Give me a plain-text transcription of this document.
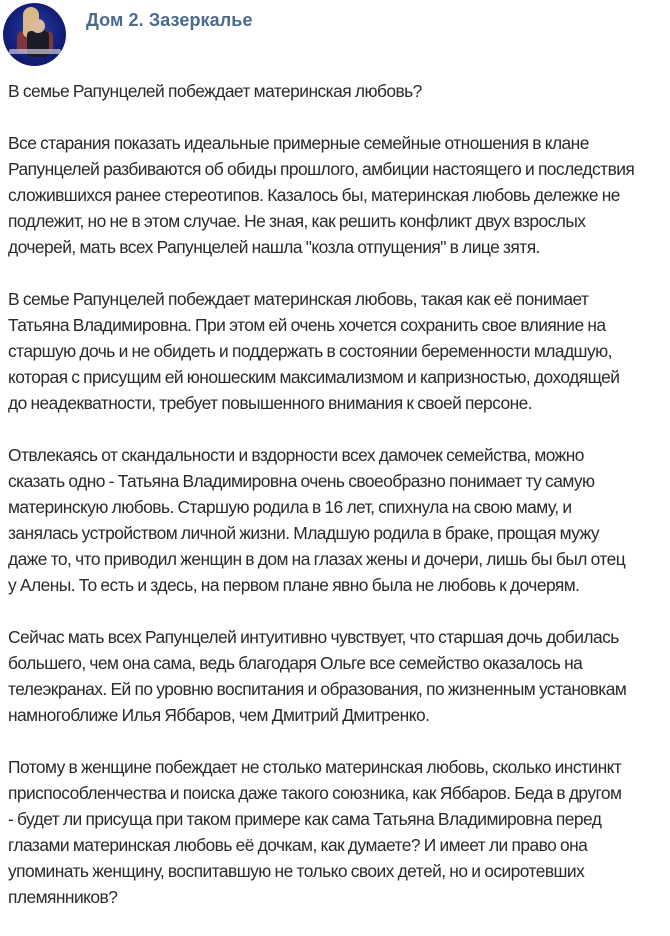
Дом 2. Зазеркалье

В семье Рапунцелей побеждает материнская любовь?

Все старания показать идеальные примерные семейные отношения в клане
Рапунцелей разбиваются об обиды прошлого, амбиции настоящего и последствия
сложившихся ранее стереотипов. Казалось бы, материнская любовь дележке не
подлежит, но не в этом случае. Не зная, как решить конфликт двух взрослых
дочерей, мать всех Рапунцелей нашла "козла отпущения" в лице зятя.

В семье Рапунцелей побеждает материнская любовь, такая как её понимает
Татьяна Владимировна. При этом ей очень хочется сохранить свое влияние на
старшую дочь и не обидеть и поддержать в состоянии беременности младшую,
которая с присущим ей юношеским максимализмом и капризностью, доходящей
до неадекватности, требует повышенного внимания к своей персоне.

Отвлекаясь от скандальности и вздорности всех дамочек семейства, можно
сказать одно - Татьяна Владимировна очень своеобразно понимает ту самую
материнскую любовь. Старшую родила в 16 лет, спихнула на свою маму, и
занялась устройством личной жизни. Младшую родила в браке, прощая мужу
даже то, что приводил женщин в дом на глазах жены и дочери, лишь бы был отец
у Алены. То есть и здесь, на первом плане явно была не любовь к дочерям.

Сейчас мать всех Рапунцелей интуитивно чувствует, что старшая дочь добилась
большего, чем она сама, ведь благодаря Ольге все семейство оказалось на
телеэкранах. Ей по уровню воспитания и образования, по жизненным установкам
намногоближе Илья Яббаров, чем Дмитрий Дмитренко.

Потому в женщине побеждает не столько материнская любовь, сколько инстинкт
приспособленчества и поиска даже такого союзника, как Яббаров. Беда в другом
- будет ли присуща при таком примере как сама Татьяна Владимировна перед
глазами материнская любовь её дочкам, как думаете? И имеет ли право она
упоминать женщину, воспитавшую не только своих детей, но и осиротевших
племянников?
